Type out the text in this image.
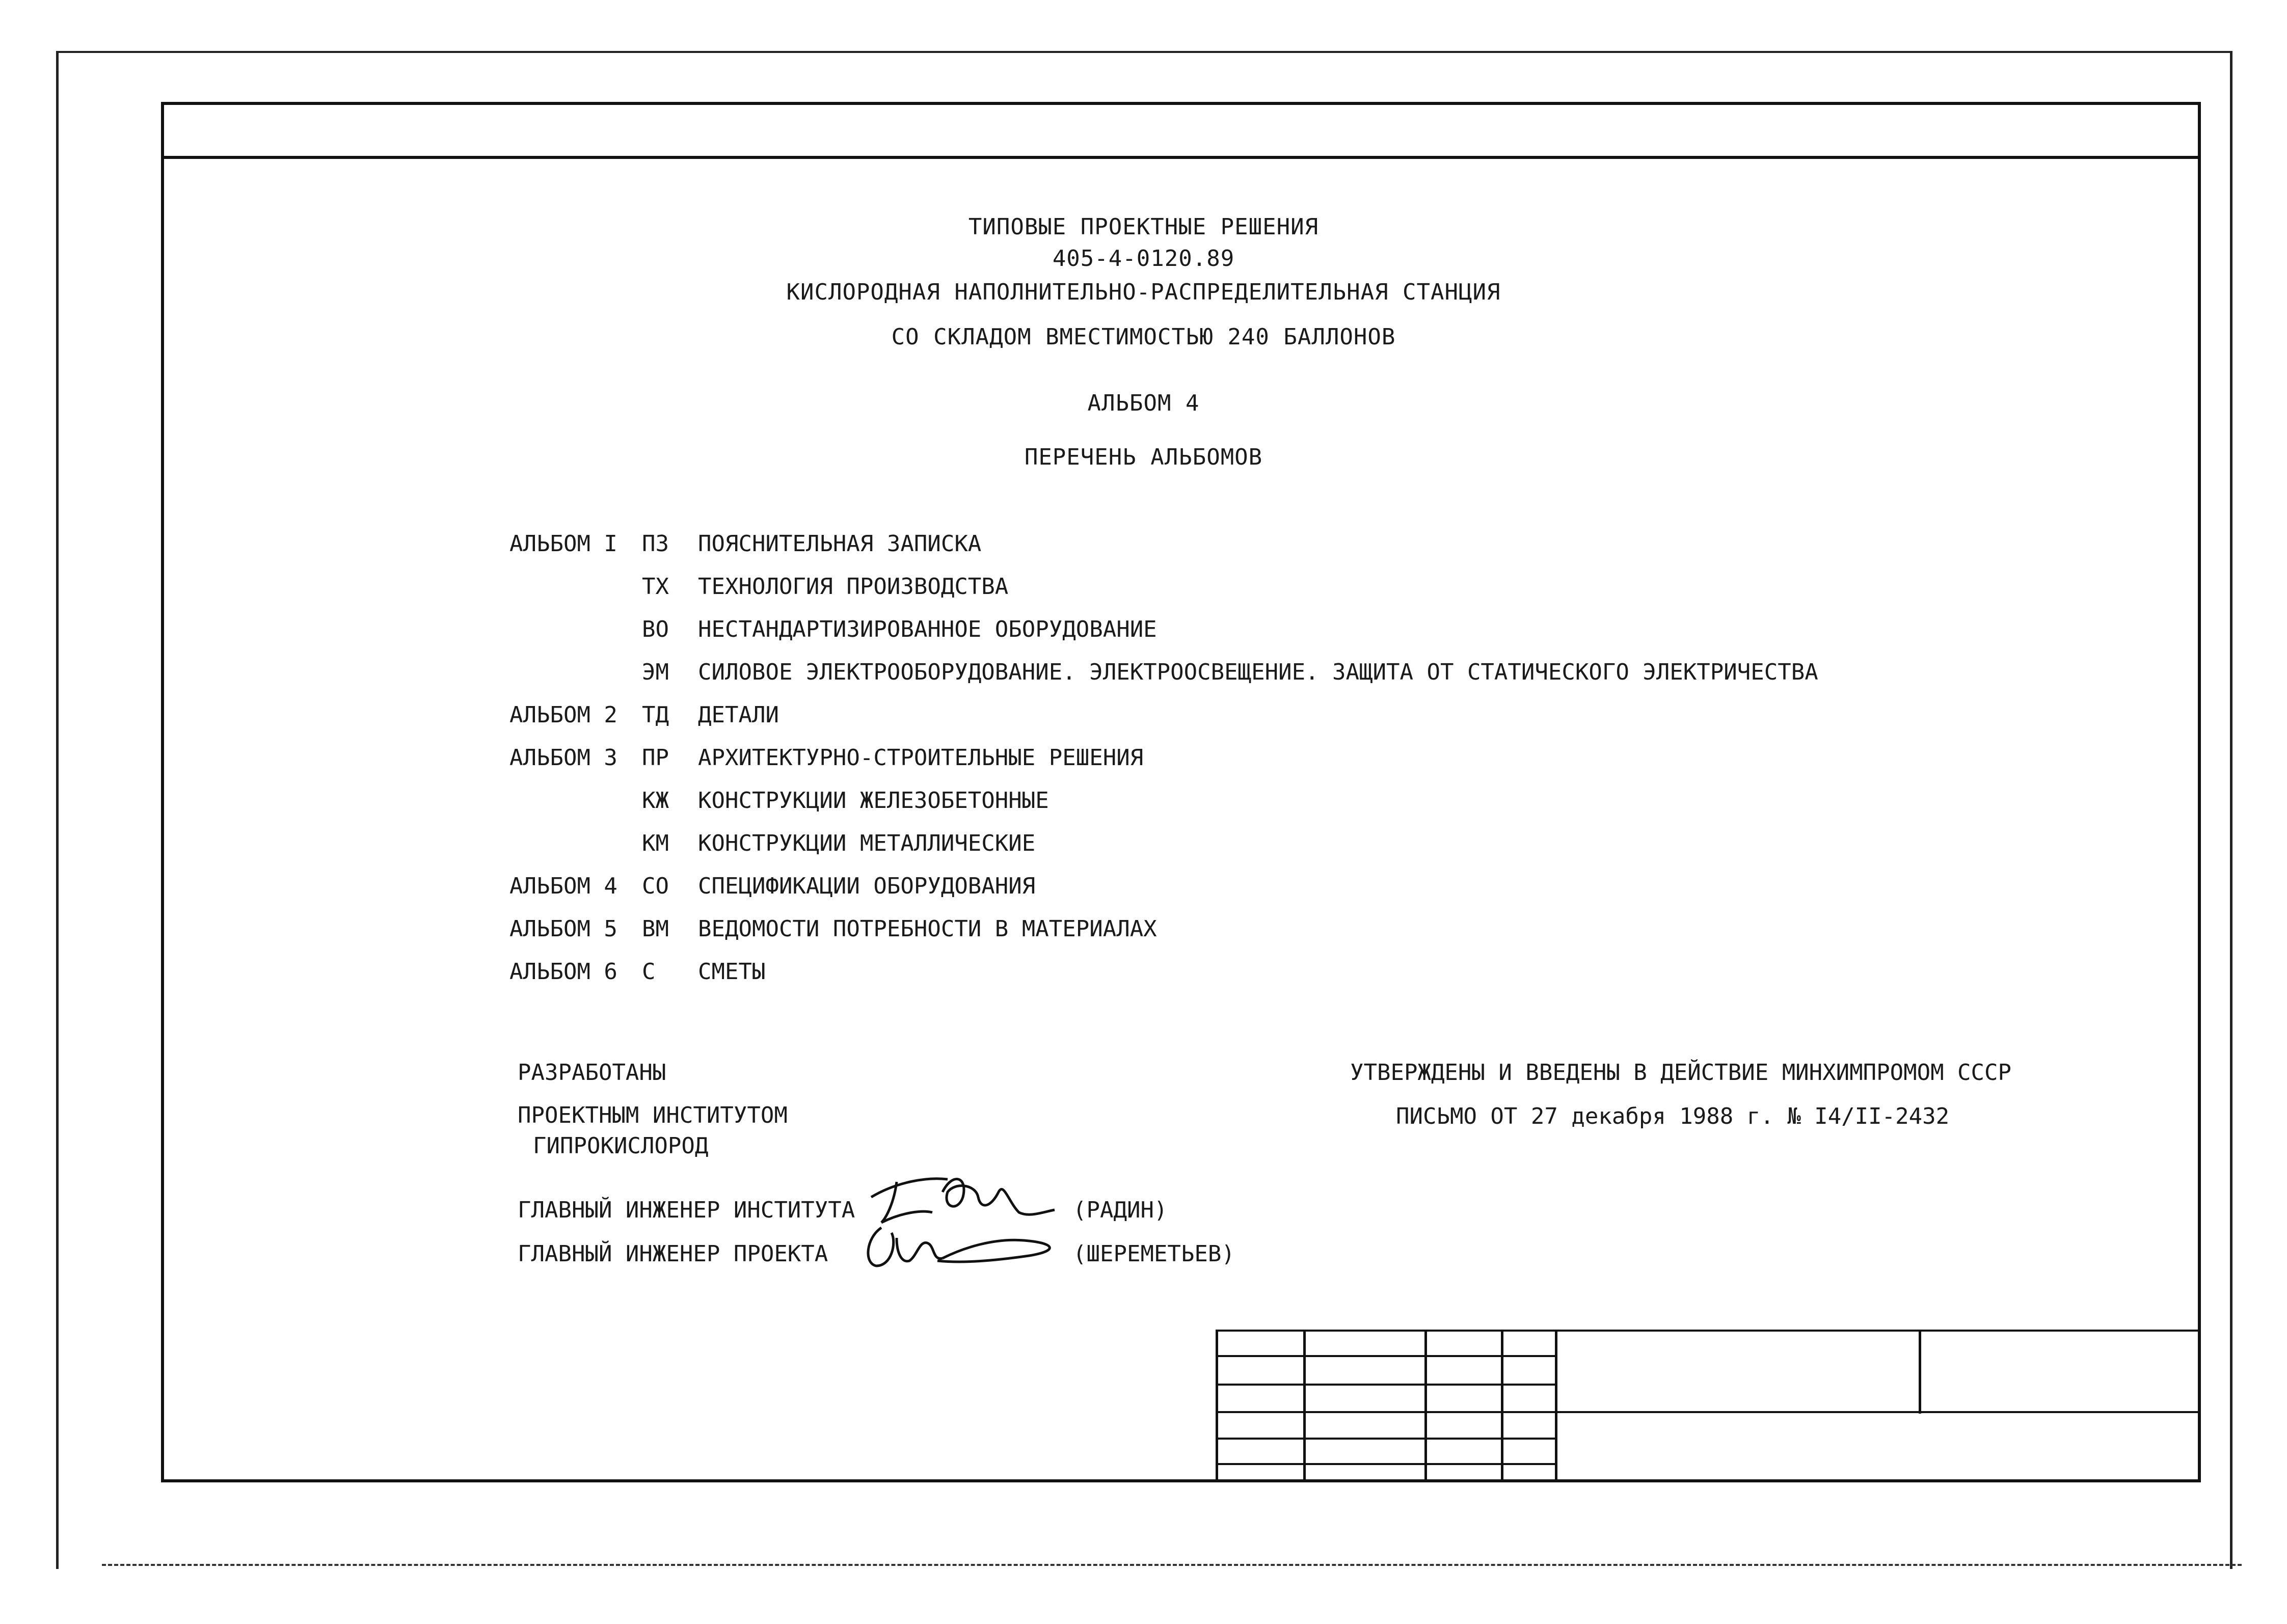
ТИПОВЫЕ ПРОЕКТНЫЕ РЕШЕНИЯ
405-4-0120.89
КИСЛОРОДНАЯ НАПОЛНИТЕЛЬНО-РАСПРЕДЕЛИТЕЛЬНАЯ СТАНЦИЯ
СО СКЛАДОМ ВМЕСТИМОСТЬЮ 240 БАЛЛОНОВ
АЛЬБОМ 4
ПЕРЕЧЕНЬ АЛЬБОМОВ
АЛЬБОМ I ПЗ ПОЯСНИТЕЛЬНАЯ ЗАПИСКА
ТХ ТЕХНОЛОГИЯ ПРОИЗВОДСТВА
ВО НЕСТАНДАРТИЗИРОВАННОЕ ОБОРУДОВАНИЕ
ЭМ СИЛОВОЕ ЭЛЕКТРООБОРУДОВАНИЕ. ЭЛЕКТРООСВЕЩЕНИЕ. ЗАЩИТА ОТ СТАТИЧЕСКОГО ЭЛЕКТРИЧЕСТВА
АЛЬБОМ 2 ТД ДЕТАЛИ
АЛЬБОМ 3 ПР АРХИТЕКТУРНО-СТРОИТЕЛЬНЫЕ РЕШЕНИЯ
КЖ КОНСТРУКЦИИ ЖЕЛЕЗОБЕТОННЫЕ
КМ КОНСТРУКЦИИ МЕТАЛЛИЧЕСКИЕ
АЛЬБОМ 4 СО СПЕЦИФИКАЦИИ ОБОРУДОВАНИЯ
АЛЬБОМ 5 ВМ ВЕДОМОСТИ ПОТРЕБНОСТИ В МАТЕРИАЛАХ
АЛЬБОМ 6 С СМЕТЫ
РАЗРАБОТАНЫ
ПРОЕКТНЫМ ИНСТИТУТОМ
ГИПРОКИСЛОРОД
ГЛАВНЫЙ ИНЖЕНЕР ИНСТИТУТА	(РАДИН)
ГЛАВНЫЙ ИНЖЕНЕР ПРОЕКТА	(ШЕРЕМЕТЬЕВ)
УТВЕРЖДЕНЫ И ВВЕДЕНЫ В ДЕЙСТВИЕ МИНХИМПРОМОМ СССР
ПИСЬМО ОТ 27 декабря 1988 г. № I4/II-2432
